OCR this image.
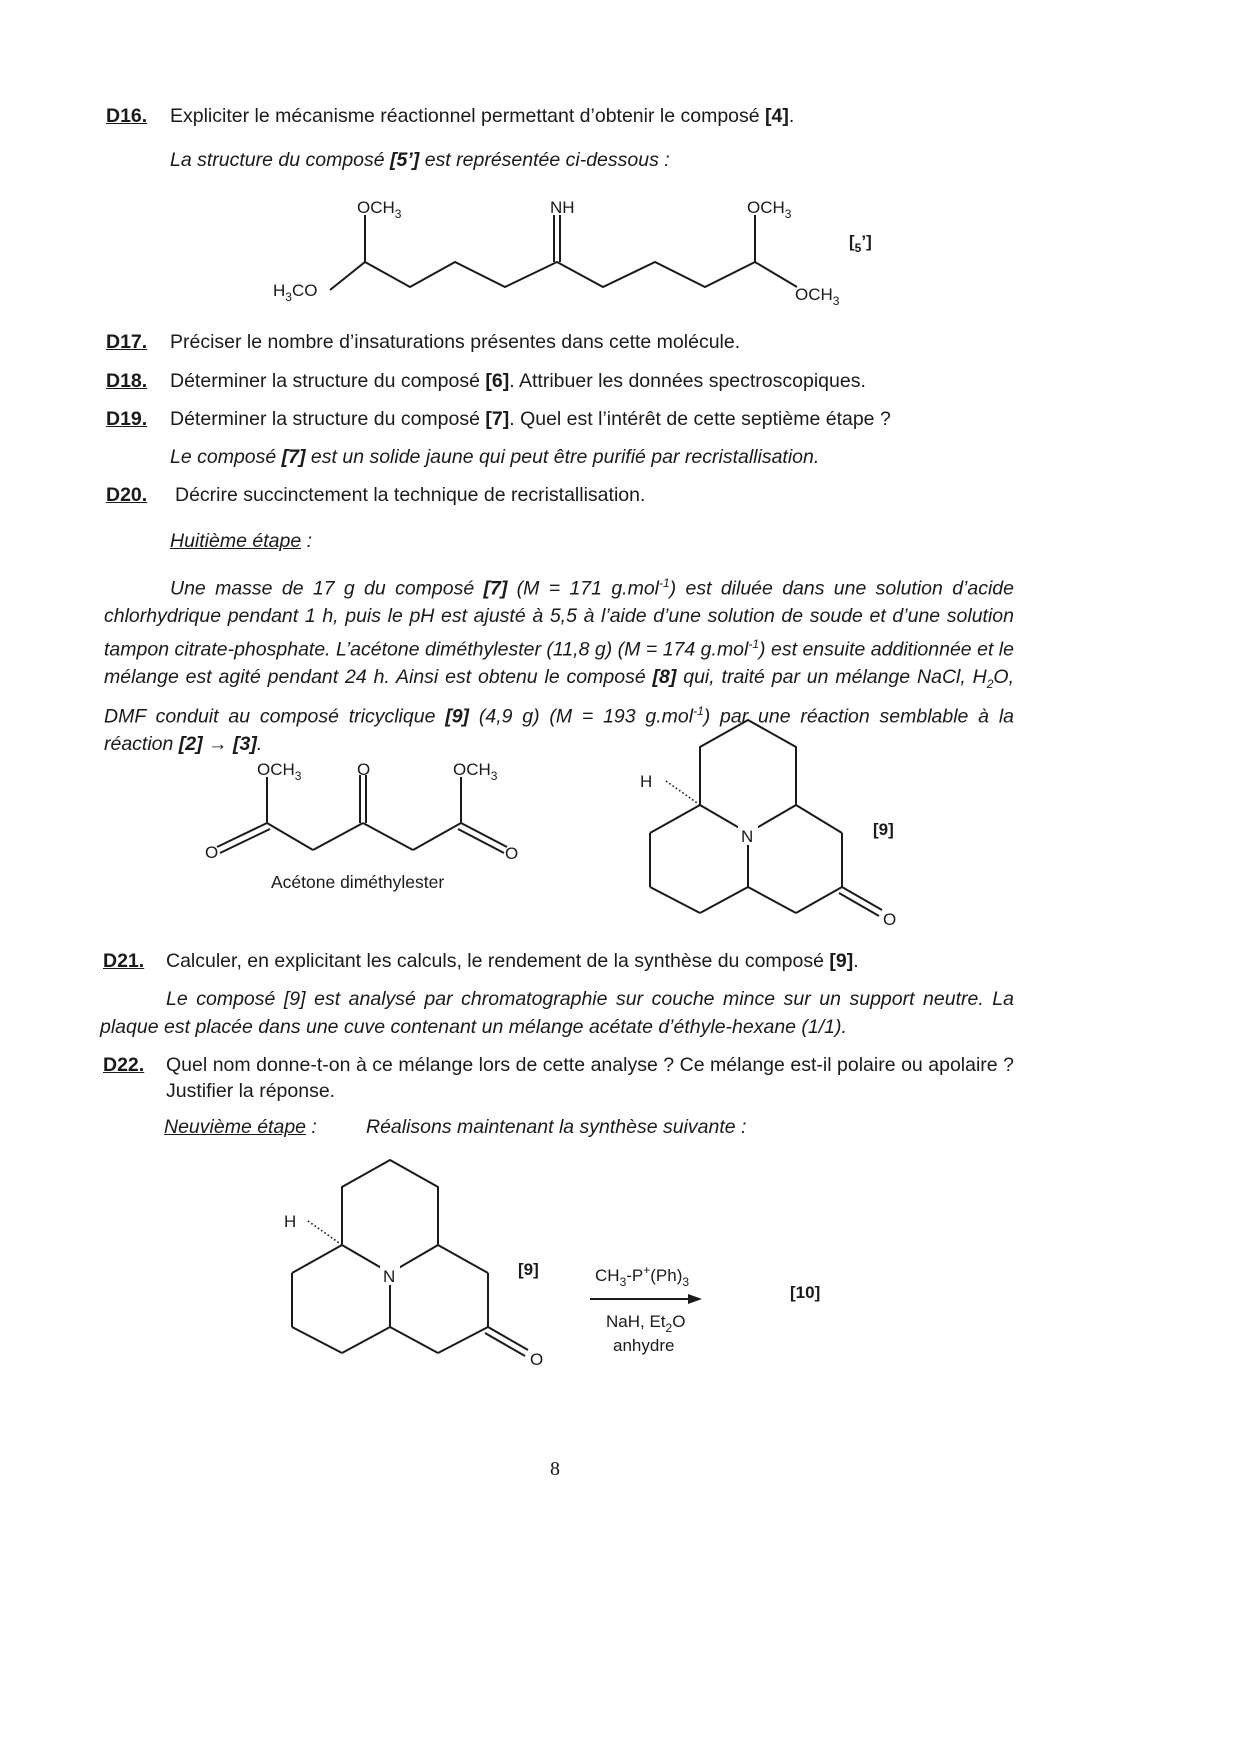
D16. Expliciter le mécanisme réactionnel permettant d’obtenir le composé [4].
La structure du composé [5’] est représentée ci-dessous :
$OCH_3$	NH	$OCH_3$
$H_3CO$	$OCH_3$
$[_5’]$
D17. Préciser le nombre d’insaturations présentes dans cette molécule.
D18. Déterminer la structure du composé [6]. Attribuer les données spectroscopiques.
D19. Déterminer la structure du composé [7]. Quel est l’intérêt de cette septième étape ?
Le composé [7] est un solide jaune qui peut être purifié par recristallisation.
D20. Décrire succinctement la technique de recristallisation.
Huitième étape :
Une masse de 17 g du composé [7] (M = 171 g.mol$^{-1}$) est diluée dans une solution d’acide chlorhydrique pendant 1 h, puis le pH est ajusté à 5,5 à l’aide d’une solution de soude et d’une solution tampon citrate-phosphate. L’acétone diméthylester (11,8 g) (M = 174 g.mol$^{-1}$) est ensuite additionnée et le mélange est agité pendant 24 h. Ainsi est obtenu le composé [8] qui, traité par un mélange NaCl, $H_2O$, DMF conduit au composé tricyclique [9] (4,9 g) (M = 193 g.mol$^{-1}$) par une réaction semblable à la réaction [2] → [3].
$OCH_3$	O	$OCH_3$
O	O
Acétone diméthylester
H
N
O
[9]
D21. Calculer, en explicitant les calculs, le rendement de la synthèse du composé [9].
Le composé [9] est analysé par chromatographie sur couche mince sur un support neutre. La plaque est placée dans une cuve contenant un mélange acétate d’éthyle-hexane (1/1).
D22. Quel nom donne-t-on à ce mélange lors de cette analyse ? Ce mélange est-il polaire ou apolaire ? Justifier la réponse.
Neuvième étape :	Réalisons maintenant la synthèse suivante :
H
N
O
[9]	$CH_3-P^+(Ph)_3$
NaH, $Et_2O$
anhydre
[10]
8
